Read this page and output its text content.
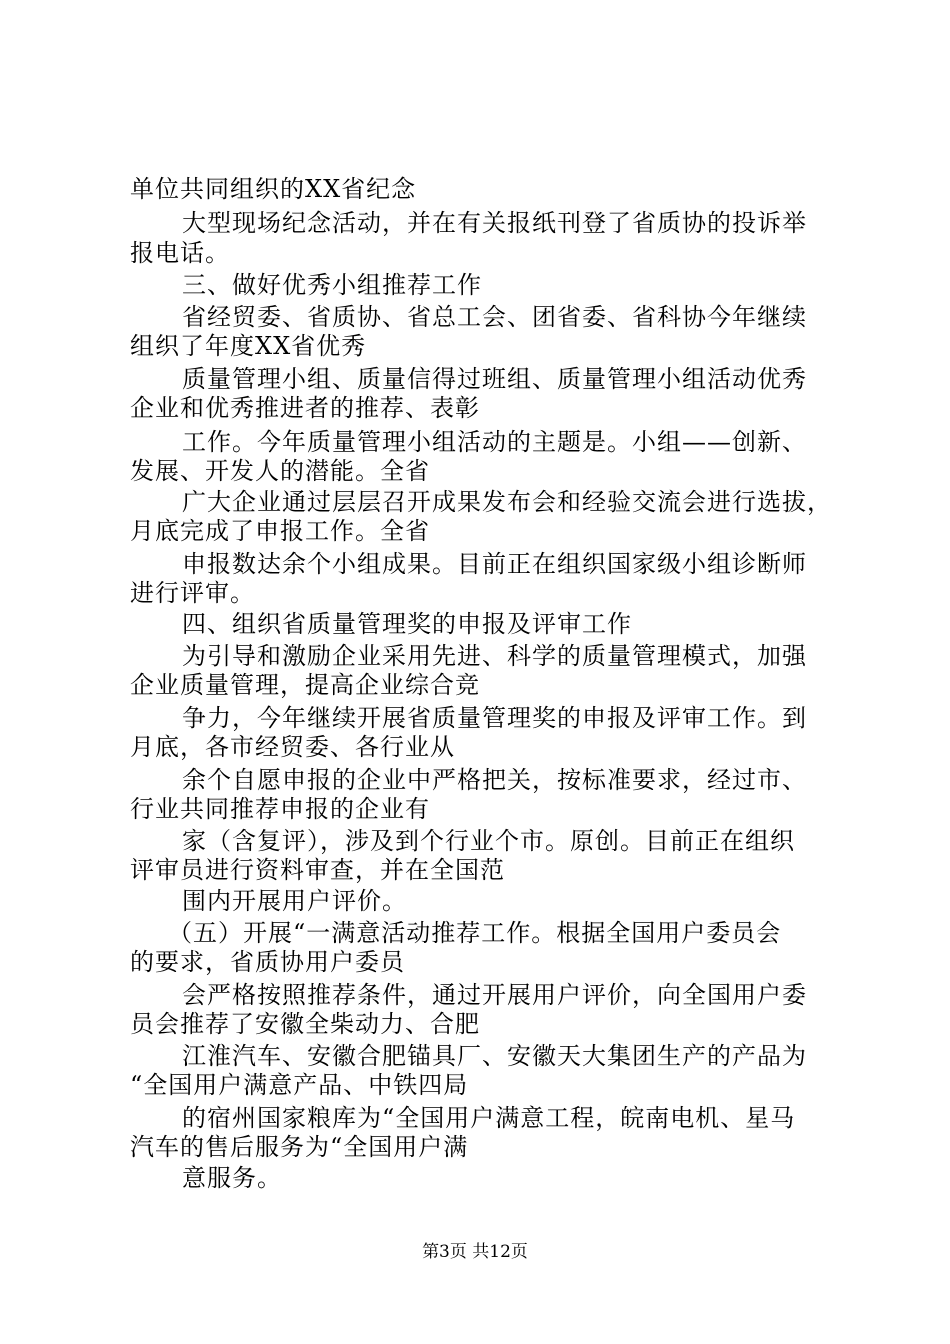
单位共同组织的XX省纪念
大型现场纪念活动，并在有关报纸刊登了省质协的投诉举
报电话。
三、做好优秀小组推荐工作
省经贸委、省质协、省总工会、团省委、省科协今年继续
组织了年度XX省优秀
质量管理小组、质量信得过班组、质量管理小组活动优秀
企业和优秀推进者的推荐、表彰
工作。今年质量管理小组活动的主题是。小组——创新、
发展、开发人的潜能。全省
广大企业通过层层召开成果发布会和经验交流会进行选拔，
月底完成了申报工作。全省
申报数达余个小组成果。目前正在组织国家级小组诊断师
进行评审。
四、组织省质量管理奖的申报及评审工作
为引导和激励企业采用先进、科学的质量管理模式，加强
企业质量管理，提高企业综合竞
争力，今年继续开展省质量管理奖的申报及评审工作。到
月底，各市经贸委、各行业从
余个自愿申报的企业中严格把关，按标准要求，经过市、
行业共同推荐申报的企业有
家（含复评），涉及到个行业个市。原创。目前正在组织
评审员进行资料审查，并在全国范
围内开展用户评价。
（五）开展“一满意活动推荐工作。根据全国用户委员会
的要求，省质协用户委员
会严格按照推荐条件，通过开展用户评价，向全国用户委
员会推荐了安徽全柴动力、合肥
江淮汽车、安徽合肥锚具厂、安徽天大集团生产的产品为
“全国用户满意产品、中铁四局
的宿州国家粮库为“全国用户满意工程，皖南电机、星马
汽车的售后服务为“全国用户满
意服务。
第3页 共12页
